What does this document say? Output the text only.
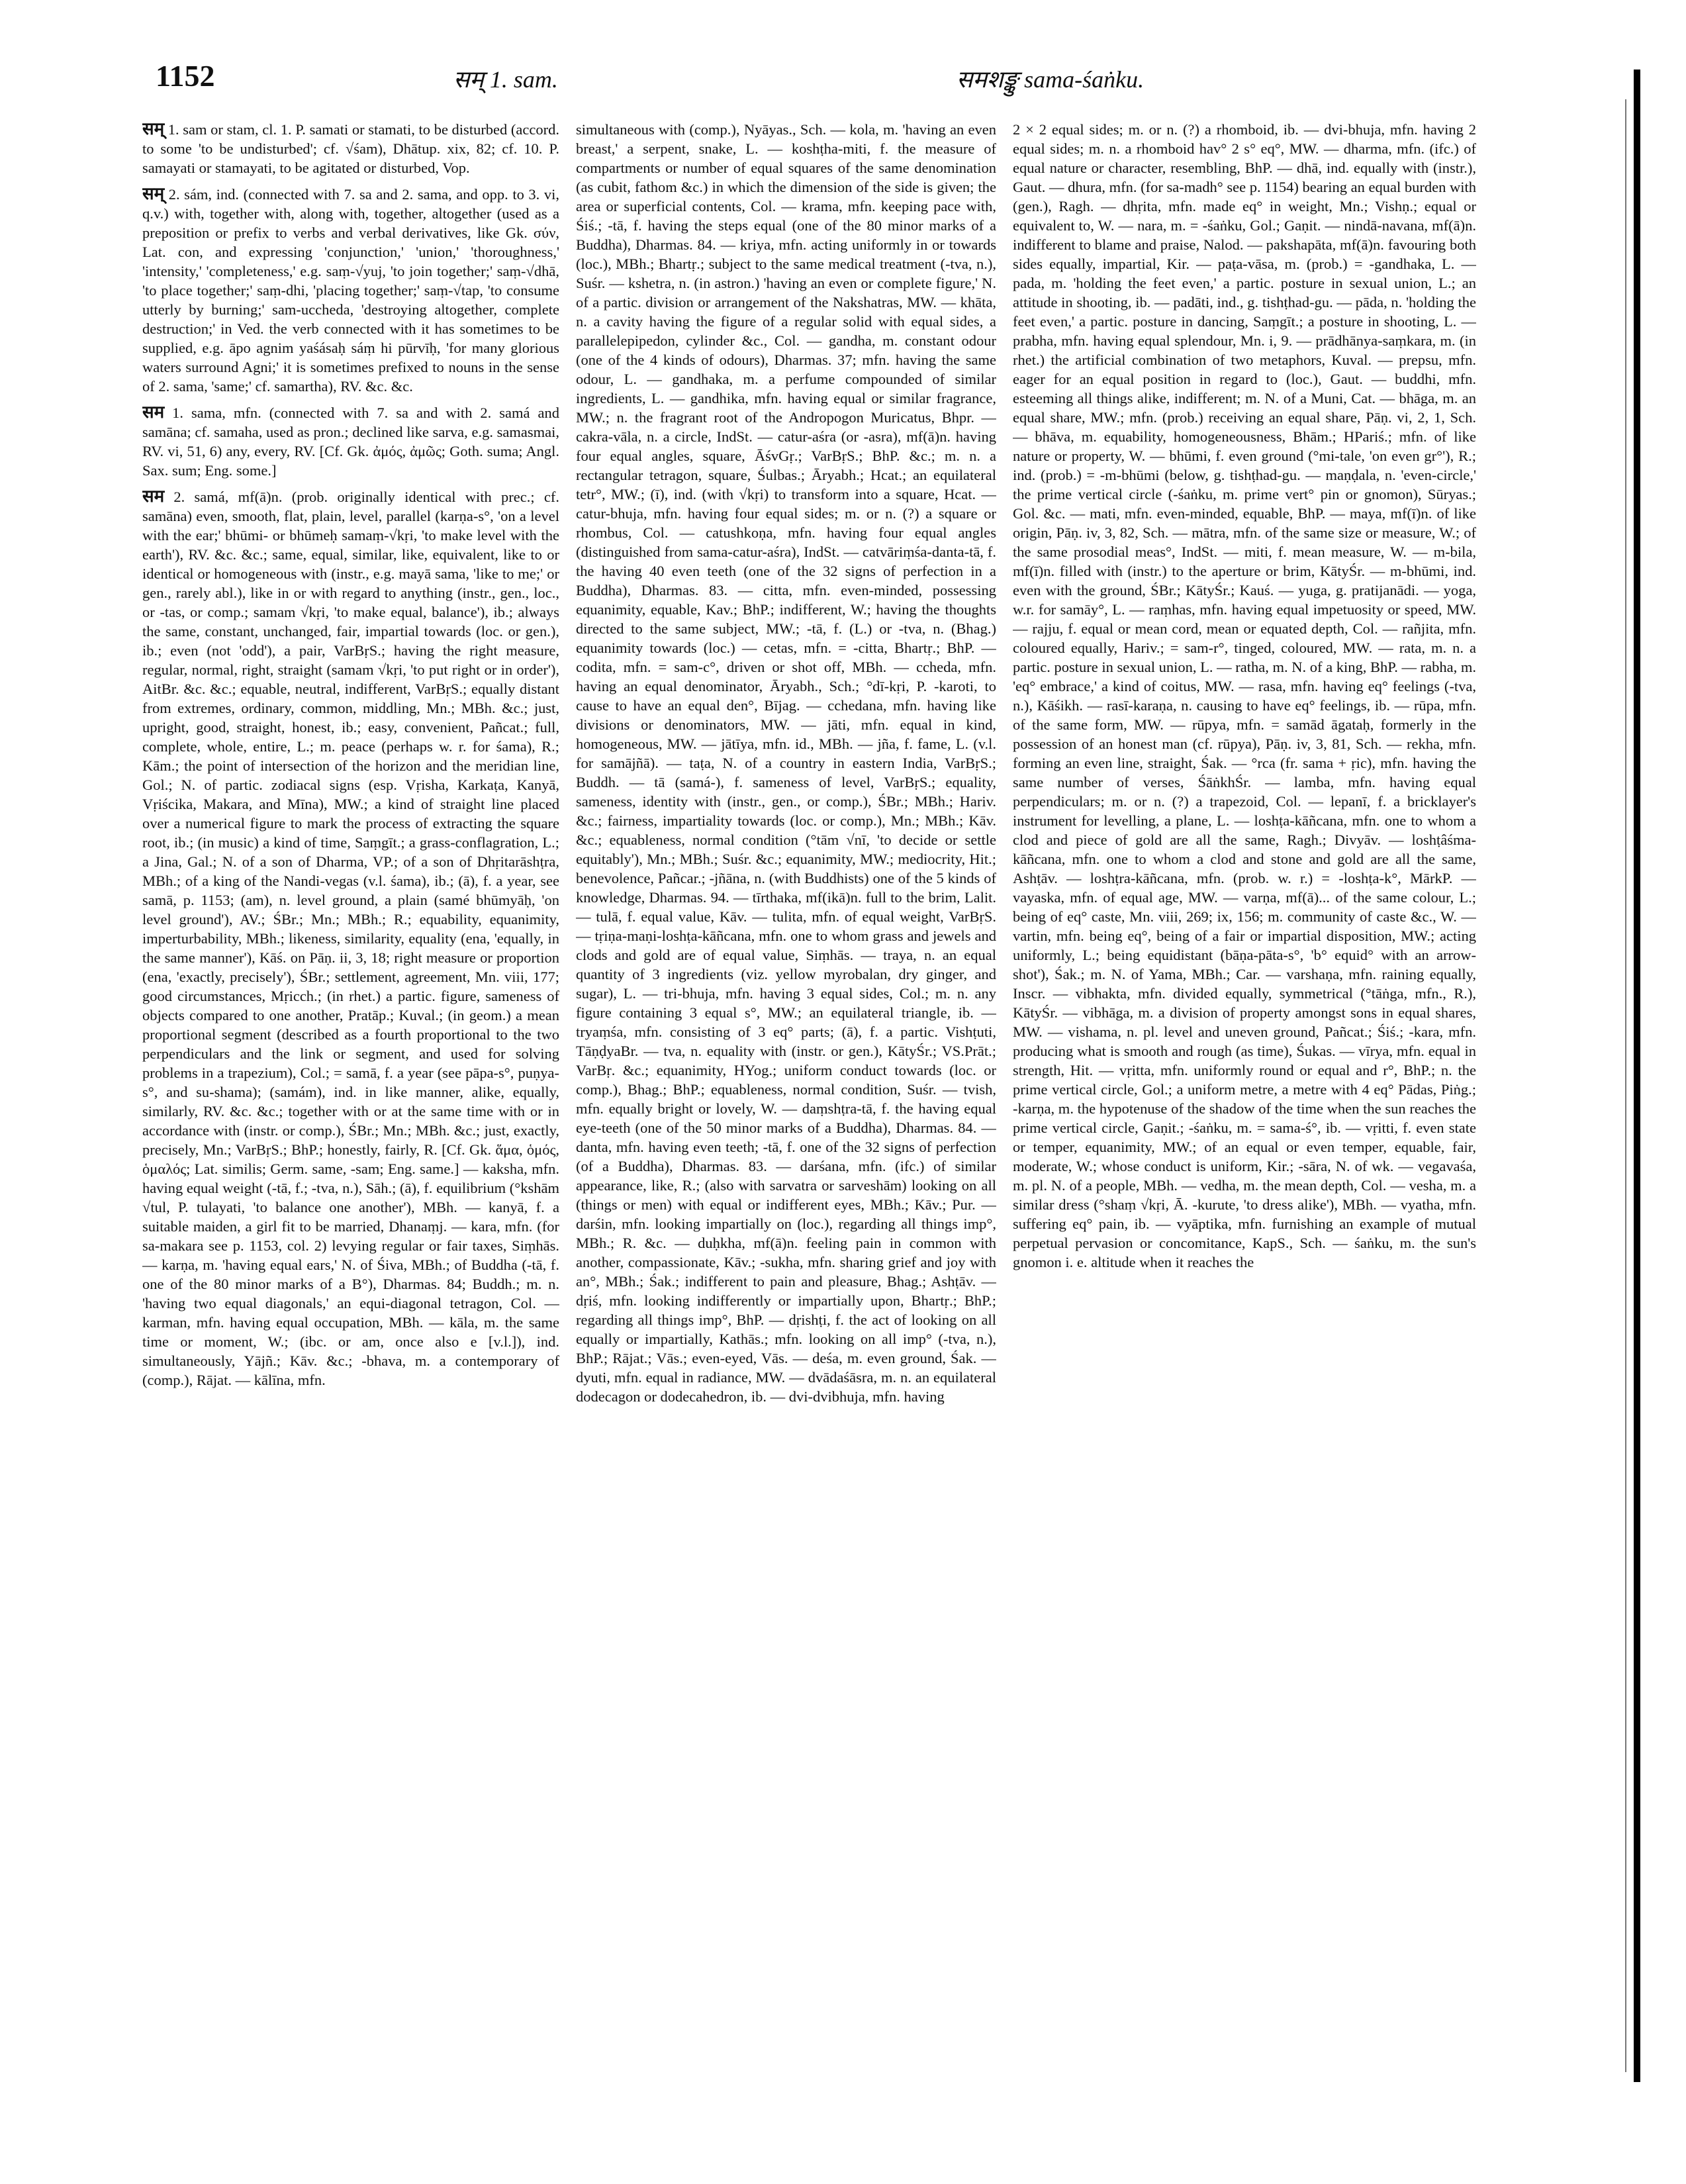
1152	सम् 1. sam.	समशङ्कु sama-śaṅku.

सम् 1. sam or stam, cl. 1. P. samati or stamati, to be disturbed (accord. to some 'to be undisturbed'; cf. √śam), Dhātup. xix, 82; cf. 10. P. samayati or stamayati, to be agitated or disturbed, Vop.

सम् 2. sám, ind. (connected with 7. sa and 2. sama, and opp. to 3. vi, q.v.) with, together with, along with, together, altogether (used as a preposition or prefix to verbs and verbal derivatives, like Gk. σύν, Lat. con, and expressing 'conjunction,' 'union,' 'thoroughness,' 'intensity,' 'completeness,' e.g. saṃ-√yuj, 'to join together;' saṃ-√dhā, 'to place together;' saṃ-dhi, 'placing together;' saṃ-√tap, 'to consume utterly by burning;' sam-uccheda, 'destroying altogether, complete destruction;' in Ved. the verb connected with it has sometimes to be supplied, e.g. āpo agnim yaśásaḥ sáṃ hi pūrvīḥ, 'for many glorious waters surround Agni;' it is sometimes prefixed to nouns in the sense of 2. sama, 'same;' cf. samartha), RV. &c. &c.

सम 1. sama, mfn. (connected with 7. sa and with 2. samá and samāna; cf. samaha, used as pron.; declined like sarva, e.g. samasmai, RV. vi, 51, 6) any, every, RV. [Cf. Gk. ἀμός, ἀμῶς; Goth. suma; Angl. Sax. sum; Eng. some.]

सम 2. samá, mf(ā)n. (prob. originally identical with prec.; cf. samāna) even, smooth, flat, plain, level, parallel (karṇa-s°, 'on a level with the ear;' bhūmi- or bhūmeḥ samaṃ-√kṛi, 'to make level with the earth'), RV. &c. &c.; same, equal, similar, like, equivalent, like to or identical or homogeneous with (instr., e.g. mayā sama, 'like to me;' or gen., rarely abl.), like in or with regard to anything (instr., gen., loc., or -tas, or comp.; samam √kṛi, 'to make equal, balance'), ib.; always the same, constant, unchanged, fair, impartial towards (loc. or gen.), ib.; even (not 'odd'), a pair, VarBṛS.; having the right measure, regular, normal, right, straight (samam √kṛi, 'to put right or in order'), AitBr. &c. &c.; equable, neutral, indifferent, VarBṛS.; equally distant from extremes, ordinary, common, middling, Mn.; MBh. &c.; just, upright, good, straight, honest, ib.; easy, convenient, Pañcat.; full, complete, whole, entire, L.; m. peace (perhaps w. r. for śama), R.; Kām.; the point of intersection of the horizon and the meridian line, Gol.; N. of partic. zodiacal signs (esp. Vṛisha, Karkaṭa, Kanyā, Vṛiścika, Makara, and Mīna), MW.; a kind of straight line placed over a numerical figure to mark the process of extracting the square root, ib.; (in music) a kind of time, Saṃgīt.; a grass-conflagration, L.; a Jina, Gal.; N. of a son of Dharma, VP.; of a son of Dhṛitarāshṭra, MBh.; of a king of the Nandi-vegas (v.l. śama), ib.; (ā), f. a year, see samā, p. 1153; (am), n. level ground, a plain (samé bhūmyāḥ, 'on level ground'), AV.; ŚBr.; Mn.; MBh.; R.; equability, equanimity, imperturbability, MBh.; likeness, similarity, equality (ena, 'equally, in the same manner'), Kāś. on Pāṇ. ii, 3, 18; right measure or proportion (ena, 'exactly, precisely'), ŚBr.; settlement, agreement, Mn. viii, 177; good circumstances, Mṛicch.; (in rhet.) a partic. figure, sameness of objects compared to one another, Pratāp.; Kuval.; (in geom.) a mean proportional segment (described as a fourth proportional to the two perpendiculars and the link or segment, and used for solving problems in a trapezium), Col.; = samā, f. a year (see pāpa-s°, puṇya-s°, and su-shama); (samám), ind. in like manner, alike, equally, similarly, RV. &c. &c.; together with or at the same time with or in accordance with (instr. or comp.), ŚBr.; Mn.; MBh. &c.; just, exactly, precisely, Mn.; VarBṛS.; BhP.; honestly, fairly, R. [Cf. Gk. ἅμα, ὁμός, ὁμαλός; Lat. similis; Germ. same, -sam; Eng. same.] — kaksha, mfn. having equal weight (-tā, f.; -tva, n.), Sāh.; (ā), f. equilibrium (°kshām √tul, P. tulayati, 'to balance one another'), MBh. — kanyā, f. a suitable maiden, a girl fit to be married, Dhanaṃj. — kara, mfn. (for sa-makara see p. 1153, col. 2) levying regular or fair taxes, Siṃhās. — karṇa, m. 'having equal ears,' N. of Śiva, MBh.; of Buddha (-tā, f. one of the 80 minor marks of a B°), Dharmas. 84; Buddh.; m. n. 'having two equal diagonals,' an equi-diagonal tetragon, Col. — karman, mfn. having equal occupation, MBh. — kāla, m. the same time or moment, W.; (ibc. or am, once also e [v.l.]), ind. simultaneously, Yājñ.; Kāv. &c.; -bhava, m. a contemporary of (comp.), Rājat. — kālīna, mfn.

simultaneous with (comp.), Nyāyas., Sch. — kola, m. 'having an even breast,' a serpent, snake, L. — koshṭha-miti, f. the measure of compartments or number of equal squares of the same denomination (as cubit, fathom &c.) in which the dimension of the side is given; the area or superficial contents, Col. — krama, mfn. keeping pace with, Śiś.; -tā, f. having the steps equal (one of the 80 minor marks of a Buddha), Dharmas. 84. — kriya, mfn. acting uniformly in or towards (loc.), MBh.; Bhartṛ.; subject to the same medical treatment (-tva, n.), Suśr. — kshetra, n. (in astron.) 'having an even or complete figure,' N. of a partic. division or arrangement of the Nakshatras, MW. — khāta, n. a cavity having the figure of a regular solid with equal sides, a parallelepipedon, cylinder &c., Col. — gandha, m. constant odour (one of the 4 kinds of odours), Dharmas. 37; mfn. having the same odour, L. — gandhaka, m. a perfume compounded of similar ingredients, L. — gandhika, mfn. having equal or similar fragrance, MW.; n. the fragrant root of the Andropogon Muricatus, Bhpr. — cakra-vāla, n. a circle, IndSt. — catur-aśra (or -asra), mf(ā)n. having four equal angles, square, ĀśvGṛ.; VarBṛS.; BhP. &c.; m. n. a rectangular tetragon, square, Śulbas.; Āryabh.; Hcat.; an equilateral tetr°, MW.; (ī), ind. (with √kṛi) to transform into a square, Hcat. — catur-bhuja, mfn. having four equal sides; m. or n. (?) a square or rhombus, Col. — catushkoṇa, mfn. having four equal angles (distinguished from sama-catur-aśra), IndSt. — catvāriṃśa-danta-tā, f. the having 40 even teeth (one of the 32 signs of perfection in a Buddha), Dharmas. 83. — citta, mfn. even-minded, possessing equanimity, equable, Kav.; BhP.; indifferent, W.; having the thoughts directed to the same subject, MW.; -tā, f. (L.) or -tva, n. (Bhag.) equanimity towards (loc.) — cetas, mfn. = -citta, Bhartṛ.; BhP. — codita, mfn. = sam-c°, driven or shot off, MBh. — ccheda, mfn. having an equal denominator, Āryabh., Sch.; °dī-kṛi, P. -karoti, to cause to have an equal den°, Bījag. — cchedana, mfn. having like divisions or denominators, MW. — jāti, mfn. equal in kind, homogeneous, MW. — jātīya, mfn. id., MBh. — jña, f. fame, L. (v.l. for samājñā). — taṭa, N. of a country in eastern India, VarBṛS.; Buddh. — tā (samá-), f. sameness of level, VarBṛS.; equality, sameness, identity with (instr., gen., or comp.), ŚBr.; MBh.; Hariv. &c.; fairness, impartiality towards (loc. or comp.), Mn.; MBh.; Kāv. &c.; equableness, normal condition (°tām √nī, 'to decide or settle equitably'), Mn.; MBh.; Suśr. &c.; equanimity, MW.; mediocrity, Hit.; benevolence, Pañcar.; -jñāna, n. (with Buddhists) one of the 5 kinds of knowledge, Dharmas. 94. — tīrthaka, mf(ikā)n. full to the brim, Lalit. — tulā, f. equal value, Kāv. — tulita, mfn. of equal weight, VarBṛS. — tṛiṇa-maṇi-loshṭa-kāñcana, mfn. one to whom grass and jewels and clods and gold are of equal value, Siṃhās. — traya, n. an equal quantity of 3 ingredients (viz. yellow myrobalan, dry ginger, and sugar), L. — tri-bhuja, mfn. having 3 equal sides, Col.; m. n. any figure containing 3 equal s°, MW.; an equilateral triangle, ib. — tryaṃśa, mfn. consisting of 3 eq° parts; (ā), f. a partic. Vishṭuti, TāṇḍyaBr. — tva, n. equality with (instr. or gen.), KātyŚr.; VS.Prāt.; VarBṛ. &c.; equanimity, HYog.; uniform conduct towards (loc. or comp.), Bhag.; BhP.; equableness, normal condition, Suśr. — tvish, mfn. equally bright or lovely, W. — daṃshṭra-tā, f. the having equal eye-teeth (one of the 50 minor marks of a Buddha), Dharmas. 84. — danta, mfn. having even teeth; -tā, f. one of the 32 signs of perfection (of a Buddha), Dharmas. 83. — darśana, mfn. (ifc.) of similar appearance, like, R.; (also with sarvatra or sarveshām) looking on all (things or men) with equal or indifferent eyes, MBh.; Kāv.; Pur. — darśin, mfn. looking impartially on (loc.), regarding all things imp°, MBh.; R. &c. — duḥkha, mf(ā)n. feeling pain in common with another, compassionate, Kāv.; -sukha, mfn. sharing grief and joy with an°, MBh.; Śak.; indifferent to pain and pleasure, Bhag.; Ashṭāv. — dṛiś, mfn. looking indifferently or impartially upon, Bhartṛ.; BhP.; regarding all things imp°, BhP. — dṛishṭi, f. the act of looking on all equally or impartially, Kathās.; mfn. looking on all imp° (-tva, n.), BhP.; Rājat.; Vās.; even-eyed, Vās. — deśa, m. even ground, Śak. — dyuti, mfn. equal in radiance, MW. — dvādaśāsra, m. n. an equilateral dodecagon or dodecahedron, ib. — dvi-dvibhuja, mfn. having

2 × 2 equal sides; m. or n. (?) a rhomboid, ib. — dvi-bhuja, mfn. having 2 equal sides; m. n. a rhomboid hav° 2 s° eq°, MW. — dharma, mfn. (ifc.) of equal nature or character, resembling, BhP. — dhā, ind. equally with (instr.), Gaut. — dhura, mfn. (for sa-madh° see p. 1154) bearing an equal burden with (gen.), Ragh. — dhṛita, mfn. made eq° in weight, Mn.; Vishṇ.; equal or equivalent to, W. — nara, m. = -śaṅku, Gol.; Gaṇit. — nindā-navana, mf(ā)n. indifferent to blame and praise, Nalod. — pakshapāta, mf(ā)n. favouring both sides equally, impartial, Kir. — paṭa-vāsa, m. (prob.) = -gandhaka, L. — pada, m. 'holding the feet even,' a partic. posture in sexual union, L.; an attitude in shooting, ib. — padāti, ind., g. tishṭhad-gu. — pāda, n. 'holding the feet even,' a partic. posture in dancing, Saṃgīt.; a posture in shooting, L. — prabha, mfn. having equal splendour, Mn. i, 9. — prādhānya-saṃkara, m. (in rhet.) the artificial combination of two metaphors, Kuval. — prepsu, mfn. eager for an equal position in regard to (loc.), Gaut. — buddhi, mfn. esteeming all things alike, indifferent; m. N. of a Muni, Cat. — bhāga, m. an equal share, MW.; mfn. (prob.) receiving an equal share, Pāṇ. vi, 2, 1, Sch. — bhāva, m. equability, homogeneousness, Bhām.; HPariś.; mfn. of like nature or property, W. — bhūmi, f. even ground (°mi-tale, 'on even gr°'), R.; ind. (prob.) = -m-bhūmi (below, g. tishṭhad-gu. — maṇḍala, n. 'even-circle,' the prime vertical circle (-śaṅku, m. prime vert° pin or gnomon), Sūryas.; Gol. &c. — mati, mfn. even-minded, equable, BhP. — maya, mf(ī)n. of like origin, Pāṇ. iv, 3, 82, Sch. — mātra, mfn. of the same size or measure, W.; of the same prosodial meas°, IndSt. — miti, f. mean measure, W. — m-bila, mf(ī)n. filled with (instr.) to the aperture or brim, KātyŚr. — m-bhūmi, ind. even with the ground, ŚBr.; KātyŚr.; Kauś. — yuga, g. pratijanādi. — yoga, w.r. for samāy°, L. — raṃhas, mfn. having equal impetuosity or speed, MW. — rajju, f. equal or mean cord, mean or equated depth, Col. — rañjita, mfn. coloured equally, Hariv.; = sam-r°, tinged, coloured, MW. — rata, m. n. a partic. posture in sexual union, L. — ratha, m. N. of a king, BhP. — rabha, m. 'eq° embrace,' a kind of coitus, MW. — rasa, mfn. having eq° feelings (-tva, n.), Kāśikh. — rasī-karaṇa, n. causing to have eq° feelings, ib. — rūpa, mfn. of the same form, MW. — rūpya, mfn. = samād āgataḥ, formerly in the possession of an honest man (cf. rūpya), Pāṇ. iv, 3, 81, Sch. — rekha, mfn. forming an even line, straight, Śak. — °rca (fr. sama + ṛic), mfn. having the same number of verses, ŚāṅkhŚr. — lamba, mfn. having equal perpendiculars; m. or n. (?) a trapezoid, Col. — lepanī, f. a bricklayer's instrument for levelling, a plane, L. — loshṭa-kāñcana, mfn. one to whom a clod and piece of gold are all the same, Ragh.; Divyāv. — loshṭâśma-kāñcana, mfn. one to whom a clod and stone and gold are all the same, Ashṭāv. — loshṭra-kāñcana, mfn. (prob. w. r.) = -loshṭa-k°, MārkP. — vayaska, mfn. of equal age, MW. — varṇa, mf(ā)... of the same colour, L.; being of eq° caste, Mn. viii, 269; ix, 156; m. community of caste &c., W. — vartin, mfn. being eq°, being of a fair or impartial disposition, MW.; acting uniformly, L.; being equidistant (bāṇa-pāta-s°, 'b° equid° with an arrow-shot'), Śak.; m. N. of Yama, MBh.; Car. — varshaṇa, mfn. raining equally, Inscr. — vibhakta, mfn. divided equally, symmetrical (°tāṅga, mfn., R.), KātyŚr. — vibhāga, m. a division of property amongst sons in equal shares, MW. — vishama, n. pl. level and uneven ground, Pañcat.; Śiś.; -kara, mfn. producing what is smooth and rough (as time), Śukas. — vīrya, mfn. equal in strength, Hit. — vṛitta, mfn. uniformly round or equal and r°, BhP.; n. the prime vertical circle, Gol.; a uniform metre, a metre with 4 eq° Pādas, Piṅg.; -karṇa, m. the hypotenuse of the shadow of the time when the sun reaches the prime vertical circle, Gaṇit.; -śaṅku, m. = sama-ś°, ib. — vṛitti, f. even state or temper, equanimity, MW.; of an equal or even temper, equable, fair, moderate, W.; whose conduct is uniform, Kir.; -sāra, N. of wk. — vegavaśa, m. pl. N. of a people, MBh. — vedha, m. the mean depth, Col. — vesha, m. a similar dress (°shaṃ √kṛi, Ā. -kurute, 'to dress alike'), MBh. — vyatha, mfn. suffering eq° pain, ib. — vyāptika, mfn. furnishing an example of mutual perpetual pervasion or concomitance, KapS., Sch. — śaṅku, m. the sun's gnomon i. e. altitude when it reaches the
